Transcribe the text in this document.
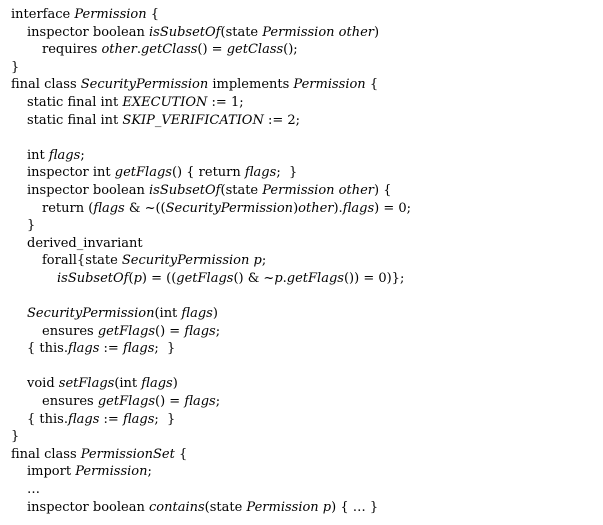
interface Permission {
inspector boolean isSubsetOf(state Permission other)
requires other.getClass() = getClass();
}
final class SecurityPermission implements Permission {
static final int EXECUTION := 1;
static final int SKIP_VERIFICATION := 2;
int flags;
inspector int getFlags() { return flags;  }
inspector boolean isSubsetOf(state Permission other) {
return (flags & ~((SecurityPermission)other).flags) = 0;
}
derived_invariant
forall{state SecurityPermission p;
isSubsetOf(p) = ((getFlags() & ~p.getFlags()) = 0)};
SecurityPermission(int flags)
ensures getFlags() = flags;
{ this.flags := flags;  }
void setFlags(int flags)
ensures getFlags() = flags;
{ this.flags := flags;  }
}
final class PermissionSet {
import Permission;
…
inspector boolean contains(state Permission p) { … }
